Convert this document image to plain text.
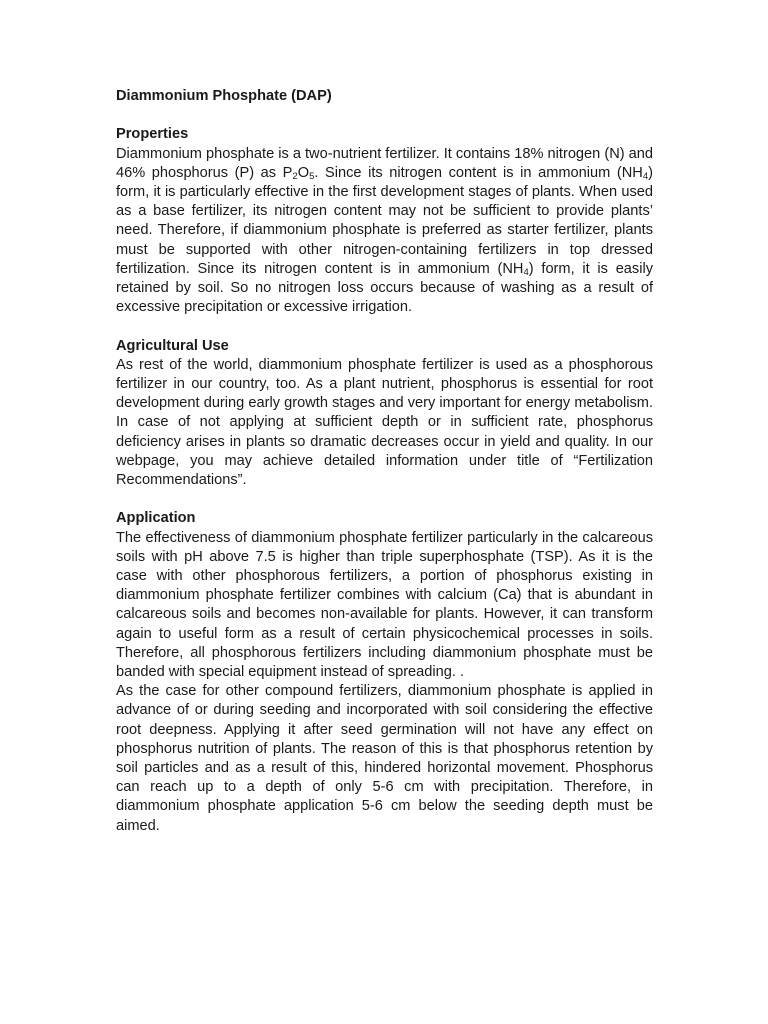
Diammonium Phosphate (DAP)

Properties

Diammonium phosphate is a two-nutrient fertilizer. It contains 18% nitrogen (N) and 46% phosphorus (P) as $P_2O_5$. Since its nitrogen content is in ammonium $(NH_4)$ form, it is particularly effective in the first development stages of plants. When used as a base fertilizer, its nitrogen content may not be sufficient to provide plants’ need. Therefore, if diammonium phosphate is preferred as starter fertilizer, plants must be supported with other nitrogen-containing fertilizers in top dressed fertilization. Since its nitrogen content is in ammonium $(NH_4)$ form, it is easily retained by soil. So no nitrogen loss occurs because of washing as a result of excessive precipitation or excessive irrigation.

Agricultural Use

As rest of the world, diammonium phosphate fertilizer is used as a phosphorous fertilizer in our country, too. As a plant nutrient, phosphorus is essential for root development during early growth stages and very important for energy metabolism. In case of not applying at sufficient depth or in sufficient rate, phosphorus deficiency arises in plants so dramatic decreases occur in yield and quality. In our webpage, you may achieve detailed information under title of “Fertilization Recommendations”.

Application

The effectiveness of diammonium phosphate fertilizer particularly in the calcareous soils with pH above 7.5 is higher than triple superphosphate (TSP). As it is the case with other phosphorous fertilizers, a portion of phosphorus existing in diammonium phosphate fertilizer combines with calcium (Ca) that is abundant in calcareous soils and becomes non-available for plants. However, it can transform again to useful form as a result of certain physicochemical processes in soils. Therefore, all phosphorous fertilizers including diammonium phosphate must be banded with special equipment instead of spreading. .

As the case for other compound fertilizers, diammonium phosphate is applied in advance of or during seeding and incorporated with soil considering the effective root deepness. Applying it after seed germination will not have any effect on phosphorus nutrition of plants. The reason of this is that phosphorus retention by soil particles and as a result of this, hindered horizontal movement. Phosphorus can reach up to a depth of only 5-6 cm with precipitation. Therefore, in diammonium phosphate application 5-6 cm below the seeding depth must be aimed.
